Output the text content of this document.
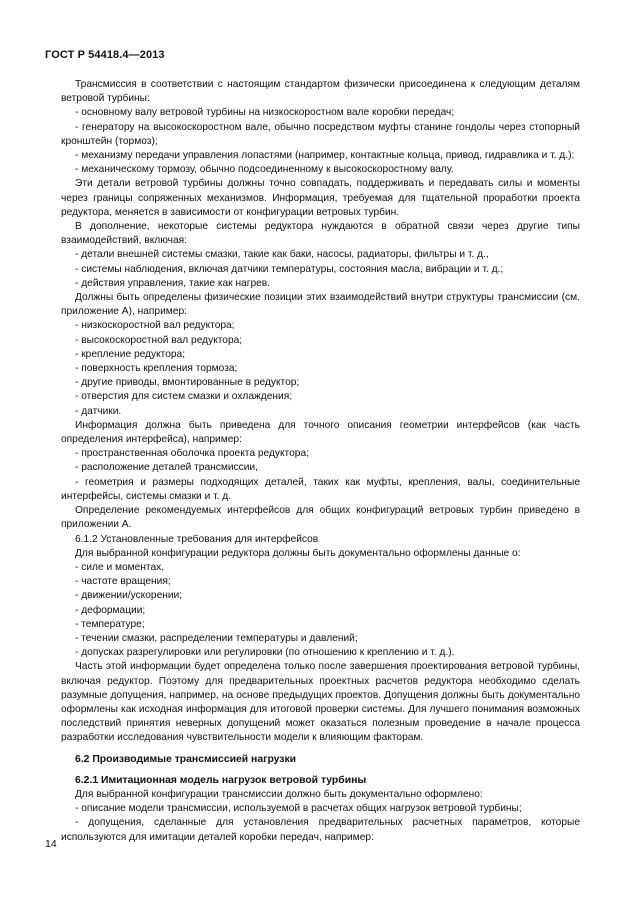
ГОСТ Р 54418.4—2013

Трансмиссия в соответствии с настоящим стандартом физически присоединена к следующим деталям ветровой турбины:

- основному валу ветровой турбины на низкоскоростном вале коробки передач;

- генератору на высокоскоростном вале, обычно посредством муфты станине гондолы через стопорный кронштейн (тормоз);

- механизму передачи управления лопастями (например, контактные кольца, привод, гидравлика и т. д.);

- механическому тормозу, обычно подсоединенному к высокоскоростному валу.

Эти детали ветровой турбины должны точно совпадать, поддерживать и передавать силы и моменты через границы сопряженных механизмов. Информация, требуемая для тщательной проработки проекта редуктора, меняется в зависимости от конфигурации ветровых турбин.

В дополнение, некоторые системы редуктора нуждаются в обратной связи через другие типы взаимодействий, включая:

- детали внешней системы смазки, такие как баки, насосы, радиаторы, фильтры и т. д.,

- системы наблюдения, включая датчики температуры, состояния масла, вибрации и т. д.;

- действия управления, такие как нагрев.

Должны быть определены физические позиции этих взаимодействий внутри структуры трансмиссии (см. приложение А), например:

- низкоскоростной вал редуктора;

- высокоскоростной вал редуктора;

- крепление редуктора;

- поверхность крепления тормоза;

- другие приводы, вмонтированные в редуктор;

- отверстия для систем смазки и охлаждения;

- датчики.

Информация должна быть приведена для точного описания геометрии интерфейсов (как часть определения интерфейса), например:

- пространственная оболочка проекта редуктора;

- расположение деталей трансмиссии,

- геометрия и размеры подходящих деталей, таких как муфты, крепления, валы, соединительные интерфейсы, системы смазки и т. д.

Определение рекомендуемых интерфейсов для общих конфигураций ветровых турбин приведено в приложении А.

6.1.2 Установленные требования для интерфейсов

Для выбранной конфигурации редуктора должны быть документально оформлены данные о:

- силе и моментах,

- частоте вращения;

- движении/ускорении;

- деформации;

- температуре;

- течении смазки, распределении температуры и давлений;

- допусках разрегулировки или регулировки (по отношению к креплению и т. д.).

Часть этой информации будет определена только после завершения проектирования ветровой турбины, включая редуктор. Поэтому для предварительных проектных расчетов редуктора необходимо сделать разумные допущения, например, на основе предыдущих проектов. Допущения должны быть документально оформлены как исходная информация для итоговой проверки системы. Для лучшего понимания возможных последствий принятия неверных допущений может оказаться полезным проведение в начале процесса разработки исследования чувствительности модели к влияющим факторам.

6.2 Производимые трансмиссией нагрузки

6.2.1 Имитационная модель нагрузок ветровой турбины

Для выбранной конфигурации трансмиссии должно быть документально оформлено:

- описание модели трансмиссии, используемой в расчетах общих нагрузок ветровой турбины;

- допущения, сделанные для установления предварительных расчетных параметров, которые используются для имитации деталей коробки передач, например:

14
